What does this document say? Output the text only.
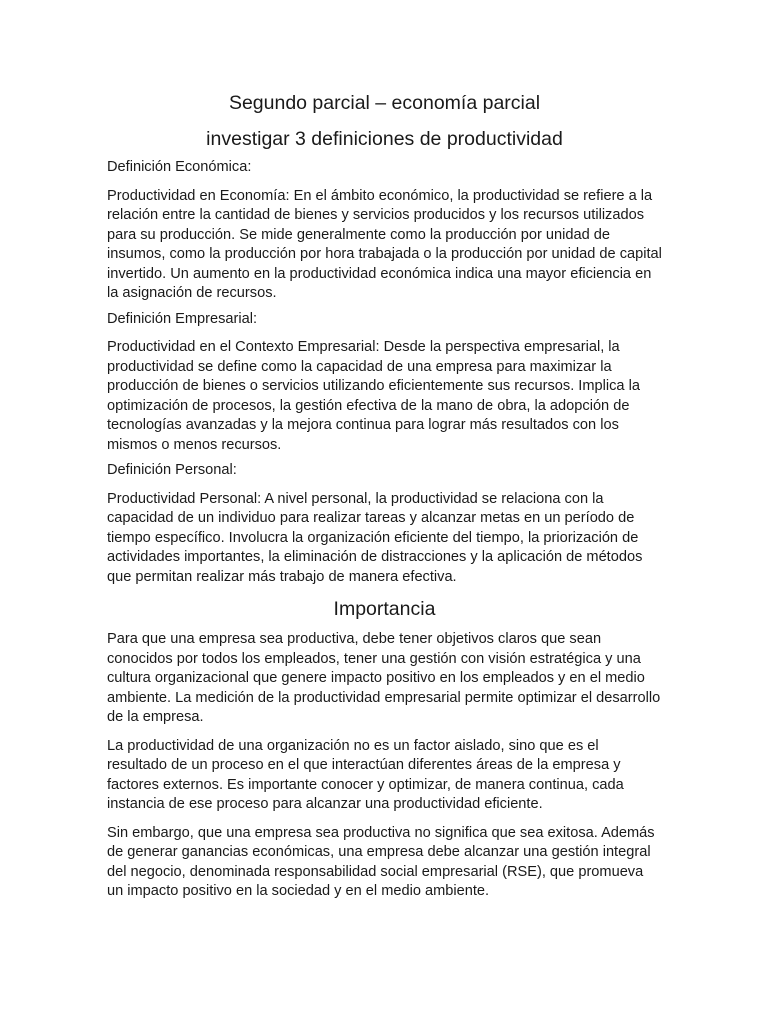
Segundo parcial – economía parcial

investigar 3 definiciones de productividad

Definición Económica:

Productividad en Economía: En el ámbito económico, la productividad se refiere a la relación entre la cantidad de bienes y servicios producidos y los recursos utilizados para su producción. Se mide generalmente como la producción por unidad de insumos, como la producción por hora trabajada o la producción por unidad de capital invertido. Un aumento en la productividad económica indica una mayor eficiencia en la asignación de recursos.

Definición Empresarial:

Productividad en el Contexto Empresarial: Desde la perspectiva empresarial, la productividad se define como la capacidad de una empresa para maximizar la producción de bienes o servicios utilizando eficientemente sus recursos. Implica la optimización de procesos, la gestión efectiva de la mano de obra, la adopción de tecnologías avanzadas y la mejora continua para lograr más resultados con los mismos o menos recursos.

Definición Personal:

Productividad Personal: A nivel personal, la productividad se relaciona con la capacidad de un individuo para realizar tareas y alcanzar metas en un período de tiempo específico. Involucra la organización eficiente del tiempo, la priorización de actividades importantes, la eliminación de distracciones y la aplicación de métodos que permitan realizar más trabajo de manera efectiva.

Importancia

Para que una empresa sea productiva, debe tener objetivos claros que sean conocidos por todos los empleados, tener una gestión con visión estratégica y una cultura organizacional que genere impacto positivo en los empleados y en el medio ambiente. La medición de la productividad empresarial permite optimizar el desarrollo de la empresa.

La productividad de una organización no es un factor aislado, sino que es el resultado de un proceso en el que interactúan diferentes áreas de la empresa y factores externos. Es importante conocer y optimizar, de manera continua, cada instancia de ese proceso para alcanzar una productividad eficiente.

Sin embargo, que una empresa sea productiva no significa que sea exitosa. Además de generar ganancias económicas, una empresa debe alcanzar una gestión integral del negocio, denominada responsabilidad social empresarial (RSE), que promueva un impacto positivo en la sociedad y en el medio ambiente.
